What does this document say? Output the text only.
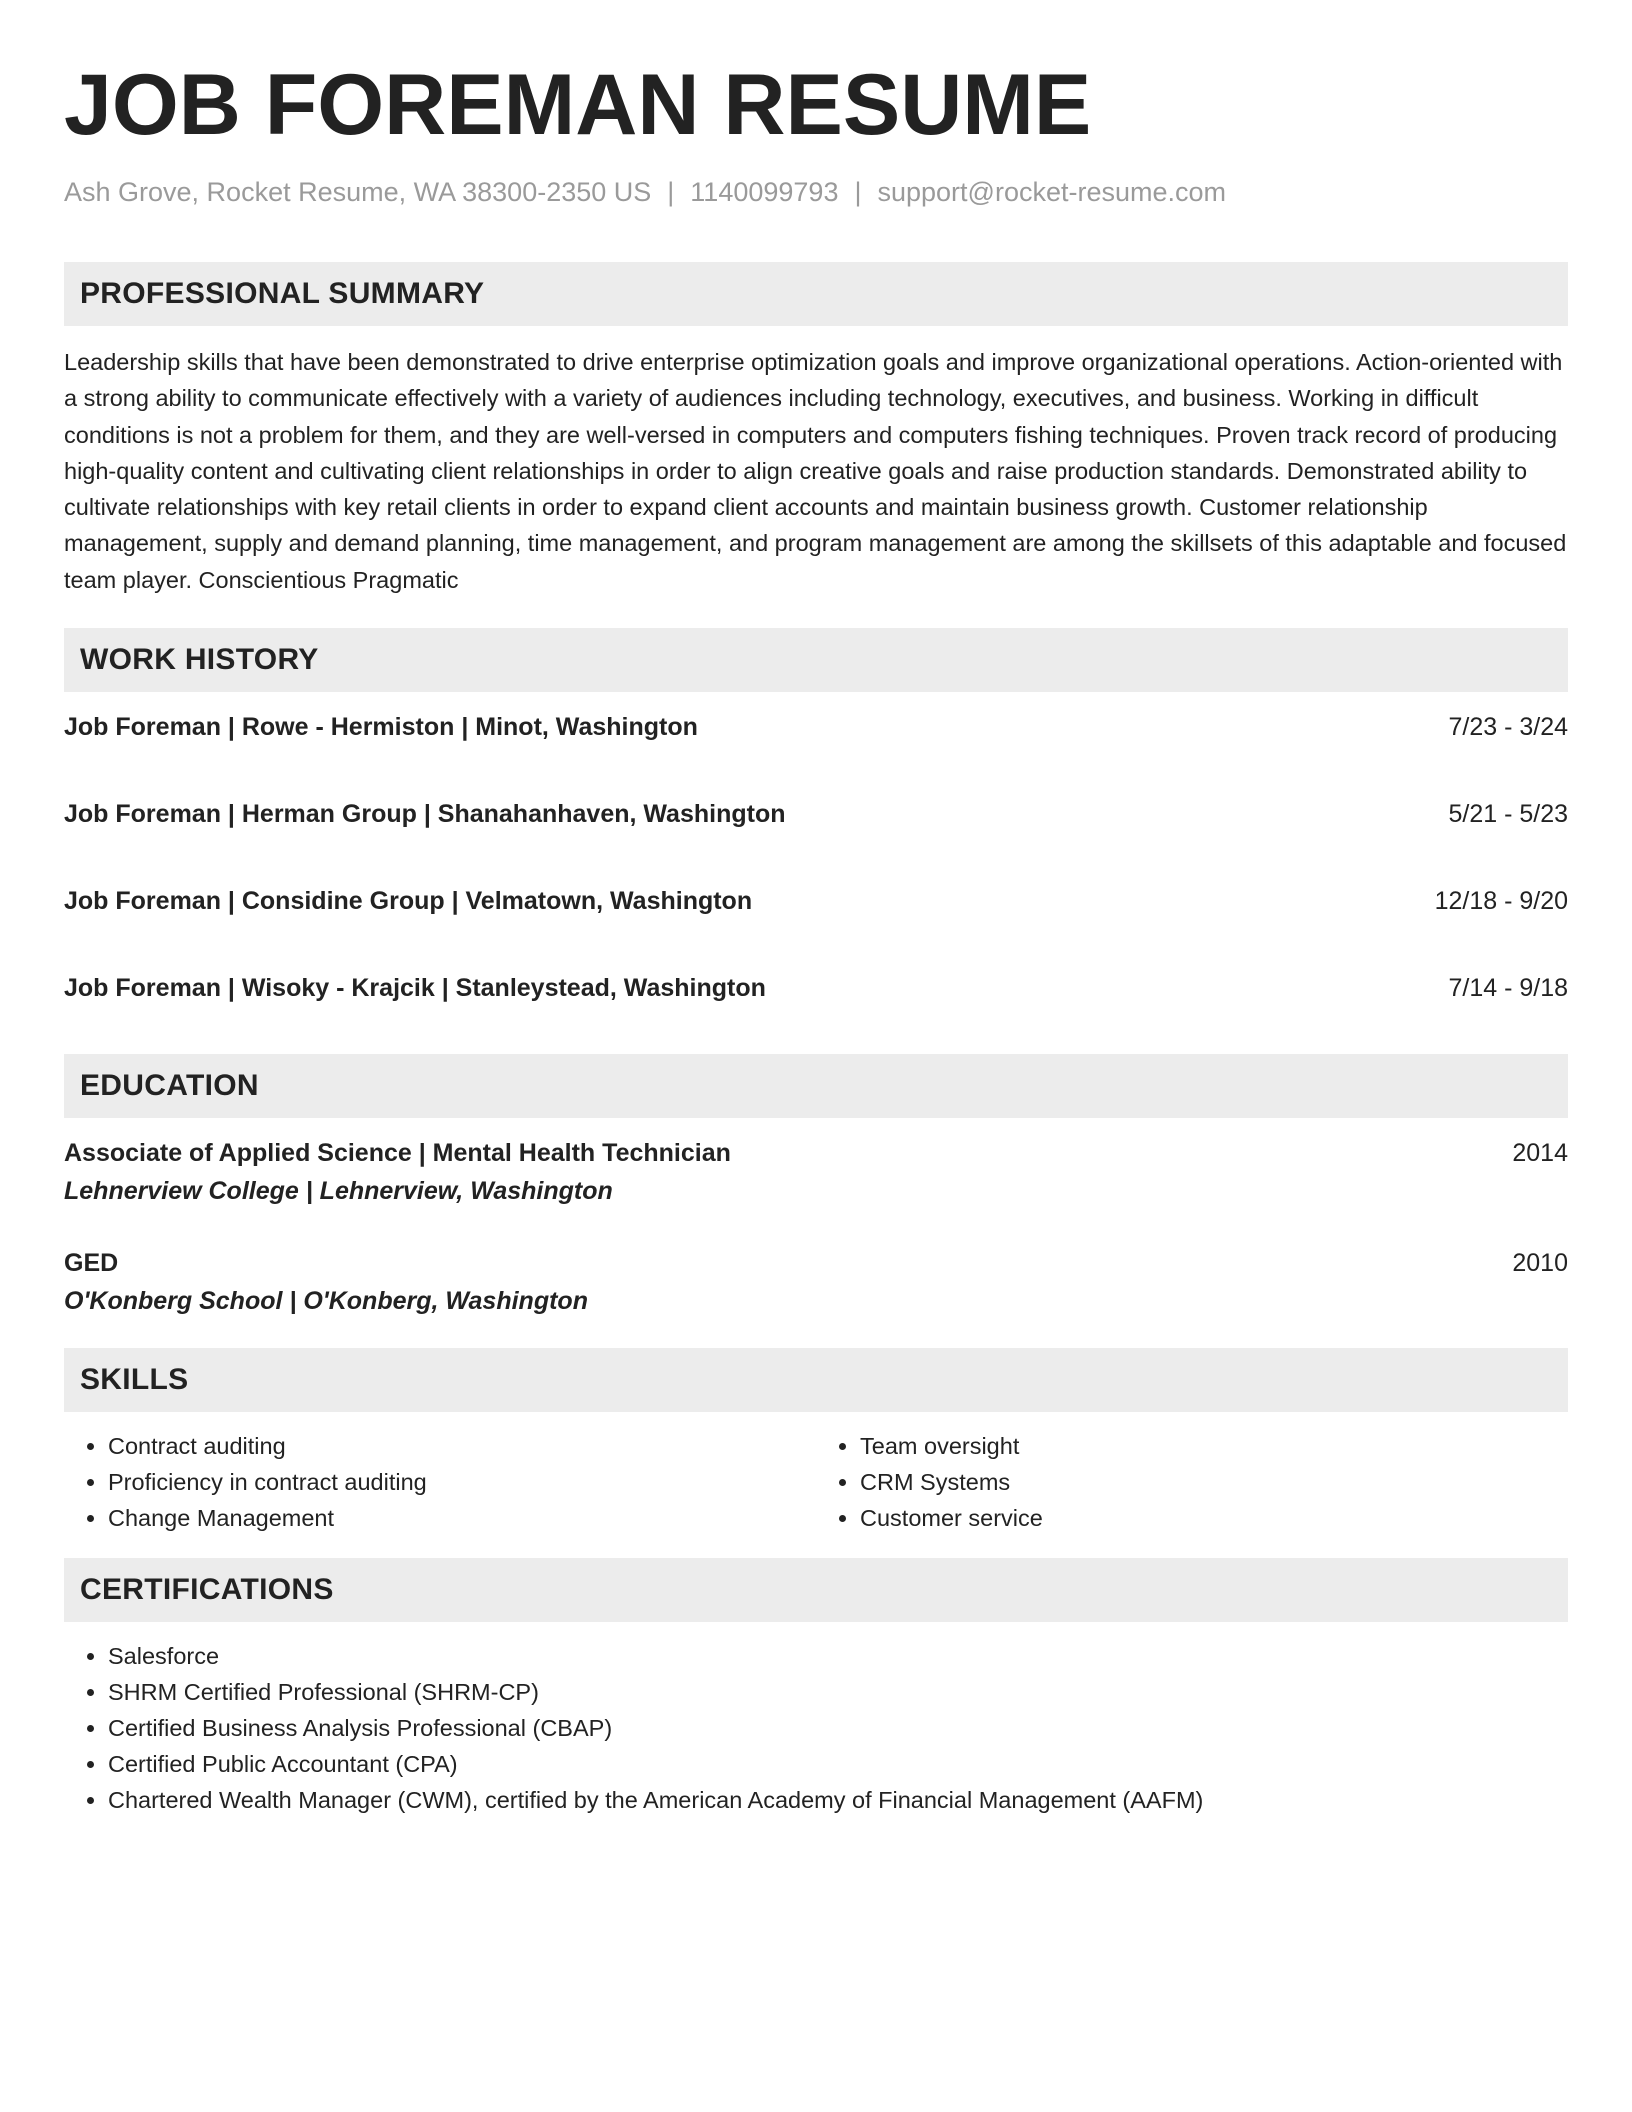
JOB FOREMAN RESUME
Ash Grove, Rocket Resume, WA 38300-2350 US | 1140099793 | support@rocket-resume.com
PROFESSIONAL SUMMARY
Leadership skills that have been demonstrated to drive enterprise optimization goals and improve organizational operations. Action-oriented with a strong ability to communicate effectively with a variety of audiences including technology, executives, and business. Working in difficult conditions is not a problem for them, and they are well-versed in computers and computers fishing techniques. Proven track record of producing high-quality content and cultivating client relationships in order to align creative goals and raise production standards. Demonstrated ability to cultivate relationships with key retail clients in order to expand client accounts and maintain business growth. Customer relationship management, supply and demand planning, time management, and program management are among the skillsets of this adaptable and focused team player. Conscientious Pragmatic
WORK HISTORY
Job Foreman | Rowe - Hermiston | Minot, Washington	7/23 - 3/24
Job Foreman | Herman Group | Shanahanhaven, Washington	5/21 - 5/23
Job Foreman | Considine Group | Velmatown, Washington	12/18 - 9/20
Job Foreman | Wisoky - Krajcik | Stanleystead, Washington	7/14 - 9/18
EDUCATION
Associate of Applied Science | Mental Health Technician	2014
Lehnerview College | Lehnerview, Washington
GED	2010
O'Konberg School | O'Konberg, Washington
SKILLS
• Contract auditing
• Proficiency in contract auditing
• Change Management
• Team oversight
• CRM Systems
• Customer service
CERTIFICATIONS
• Salesforce
• SHRM Certified Professional (SHRM-CP)
• Certified Business Analysis Professional (CBAP)
• Certified Public Accountant (CPA)
• Chartered Wealth Manager (CWM), certified by the American Academy of Financial Management (AAFM)
